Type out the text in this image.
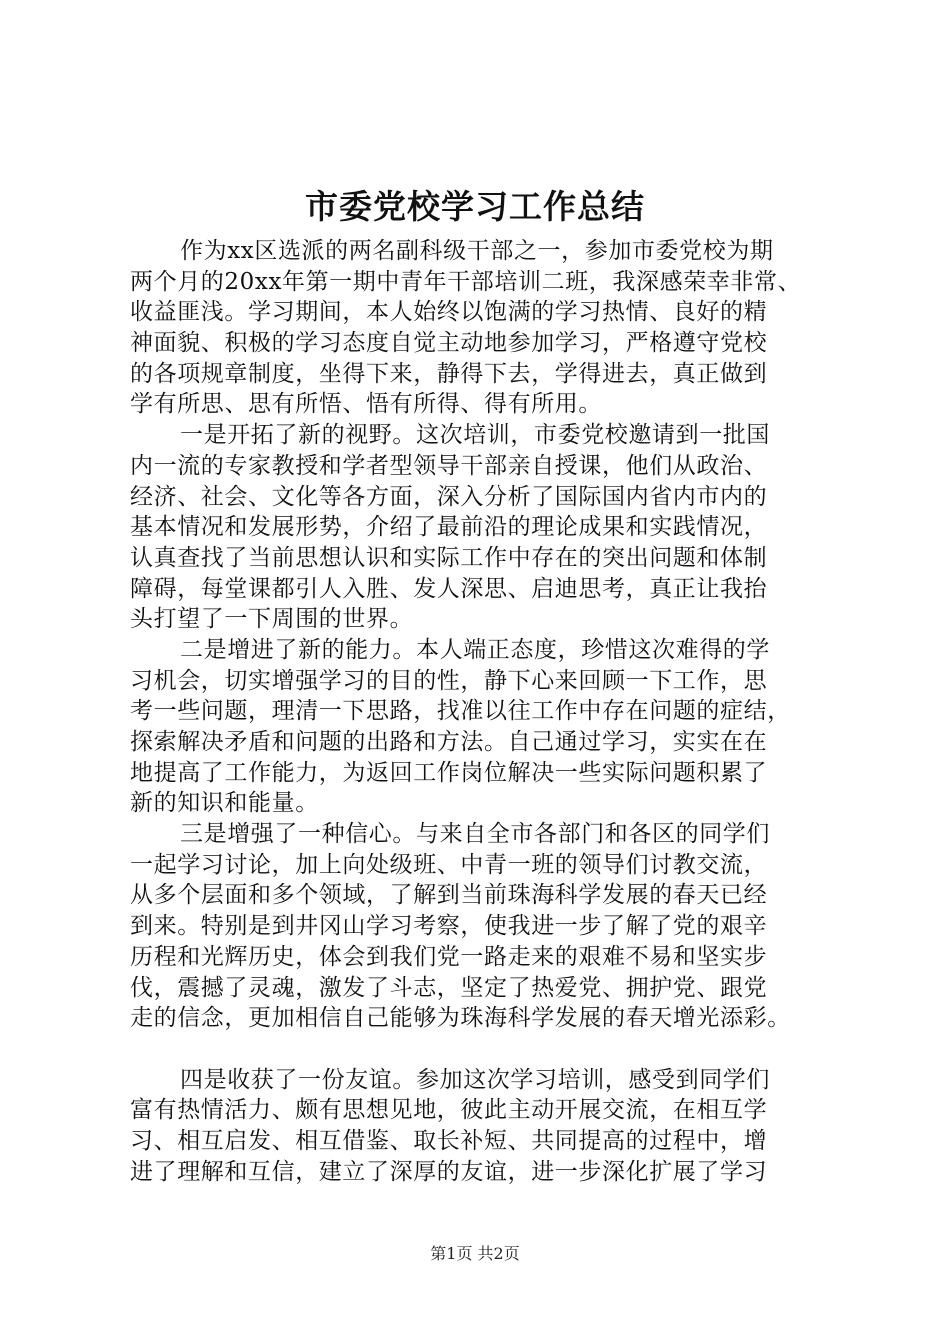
市委党校学习工作总结
作为xx区选派的两名副科级干部之一，参加市委党校为期
两个月的20xx年第一期中青年干部培训二班，我深感荣幸非常、
收益匪浅。学习期间，本人始终以饱满的学习热情、良好的精
神面貌、积极的学习态度自觉主动地参加学习，严格遵守党校
的各项规章制度，坐得下来，静得下去，学得进去，真正做到
学有所思、思有所悟、悟有所得、得有所用。
一是开拓了新的视野。这次培训，市委党校邀请到一批国
内一流的专家教授和学者型领导干部亲自授课，他们从政治、
经济、社会、文化等各方面，深入分析了国际国内省内市内的
基本情况和发展形势，介绍了最前沿的理论成果和实践情况，
认真查找了当前思想认识和实际工作中存在的突出问题和体制
障碍，每堂课都引人入胜、发人深思、启迪思考，真正让我抬
头打望了一下周围的世界。
二是增进了新的能力。本人端正态度，珍惜这次难得的学
习机会，切实增强学习的目的性，静下心来回顾一下工作，思
考一些问题，理清一下思路，找准以往工作中存在问题的症结，
探索解决矛盾和问题的出路和方法。自己通过学习，实实在在
地提高了工作能力，为返回工作岗位解决一些实际问题积累了
新的知识和能量。
三是增强了一种信心。与来自全市各部门和各区的同学们
一起学习讨论，加上向处级班、中青一班的领导们讨教交流，
从多个层面和多个领域，了解到当前珠海科学发展的春天已经
到来。特别是到井冈山学习考察，使我进一步了解了党的艰辛
历程和光辉历史，体会到我们党一路走来的艰难不易和坚实步
伐，震撼了灵魂，激发了斗志，坚定了热爱党、拥护党、跟党
走的信念，更加相信自己能够为珠海科学发展的春天增光添彩。
四是收获了一份友谊。参加这次学习培训，感受到同学们
富有热情活力、颇有思想见地，彼此主动开展交流，在相互学
习、相互启发、相互借鉴、取长补短、共同提高的过程中，增
进了理解和互信，建立了深厚的友谊，进一步深化扩展了学习
第1页 共2页
